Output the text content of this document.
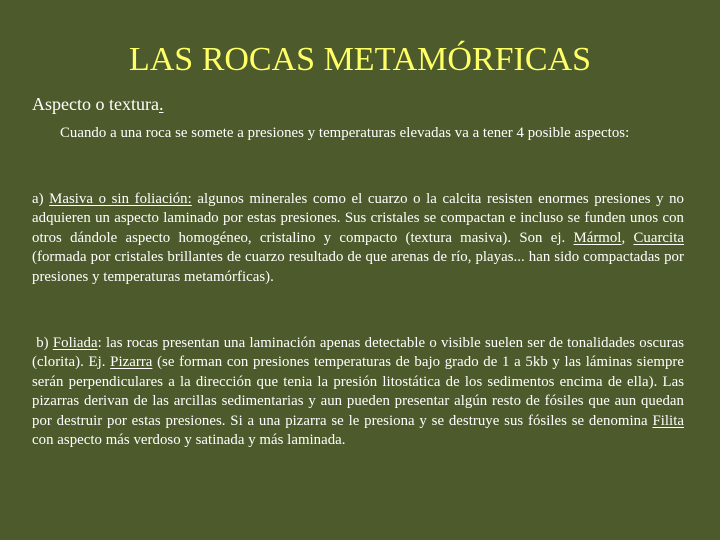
LAS ROCAS METAMÓRFICAS

Aspecto o textura.

Cuando a una roca se somete a presiones y temperaturas elevadas va a tener 4 posible aspectos:

a) Masiva o sin foliación: algunos minerales como el cuarzo o la calcita resisten enormes presiones y no adquieren un aspecto laminado por estas presiones. Sus cristales se compactan e incluso se funden unos con otros dándole aspecto homogéneo, cristalino y compacto (textura masiva). Son ej. Mármol, Cuarcita (formada por cristales brillantes de cuarzo resultado de que arenas de río, playas... han sido compactadas por presiones y temperaturas metamórficas).

b) Foliada: las rocas presentan una laminación apenas detectable o visible suelen ser de tonalidades oscuras (clorita). Ej. Pizarra (se forman con presiones temperaturas de bajo grado de 1 a 5kb y las láminas siempre serán perpendiculares a la dirección que tenia la presión litostática de los sedimentos encima de ella). Las pizarras derivan de las arcillas sedimentarias y aun pueden presentar algún resto de fósiles que aun quedan por destruir por estas presiones. Si a una pizarra se le presiona y se destruye sus fósiles se denomina Filita con aspecto más verdoso y satinada y más laminada.
